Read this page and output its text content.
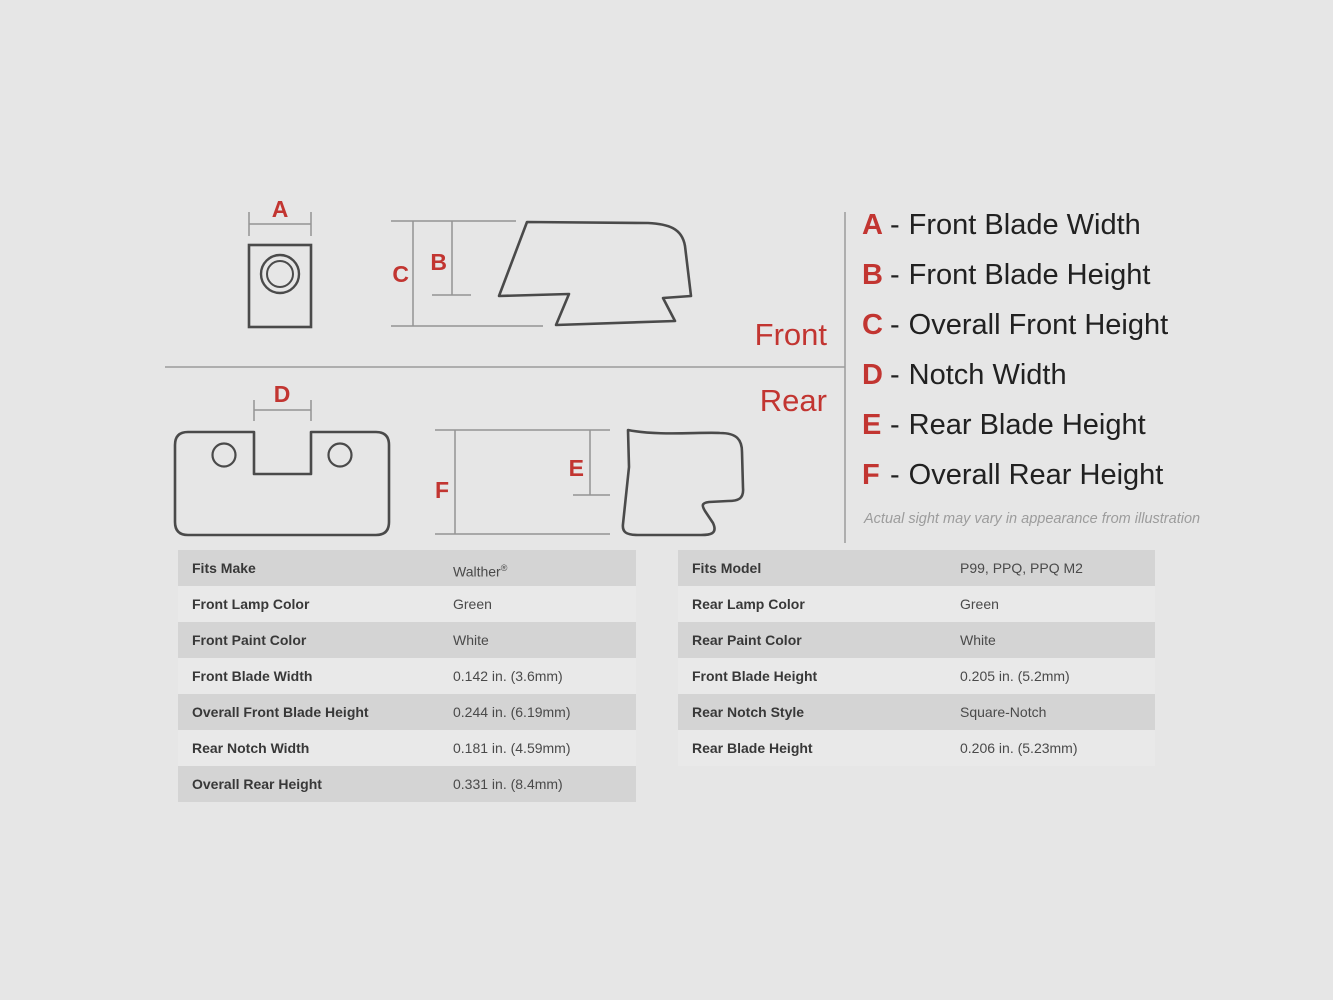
A
C B
Front
Rear
D
F
E
A - Front Blade Width
B - Front Blade Height
C - Overall Front Height
D - Notch Width
E - Rear Blade Height
F - Overall Rear Height
Actual sight may vary in appearance from illustration
Fits Make	Walther®
Front Lamp Color	Green
Front Paint Color	White
Front Blade Width	0.142 in. (3.6mm)
Overall Front Blade Height	0.244 in. (6.19mm)
Rear Notch Width	0.181 in. (4.59mm)
Overall Rear Height	0.331 in. (8.4mm)
Fits Model	P99, PPQ, PPQ M2
Rear Lamp Color	Green
Rear Paint Color	White
Front Blade Height	0.205 in. (5.2mm)
Rear Notch Style	Square-Notch
Rear Blade Height	0.206 in. (5.23mm)
